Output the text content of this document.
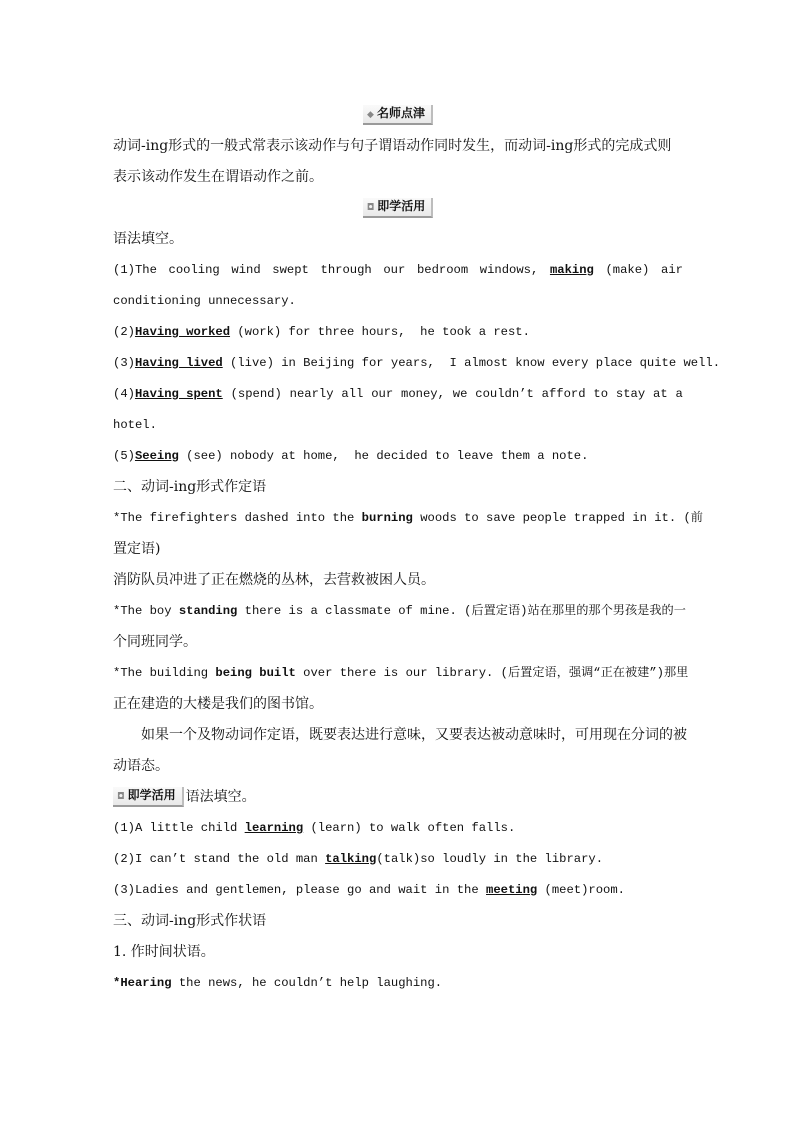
◆ 名师点津
动词-ing形式的一般式常表示该动作与句子谓语动作同时发生，而动词-ing形式的完成式则
表示该动作发生在谓语动作之前。
◘ 即学活用
语法填空。
(1)The cooling wind swept through our bedroom windows, making (make) air
conditioning unnecessary.
(2)Having worked (work) for three hours,  he took a rest.
(3)Having lived (live) in Beijing for years,  I almost know every place quite well.
(4)Having spent (spend) nearly all our money, we couldn’t afford to stay at a
hotel.
(5)Seeing (see) nobody at home,  he decided to leave them a note.
二、动词-ing形式作定语
*The firefighters dashed into the burning woods to save people trapped in it. (前
置定语)
消防队员冲进了正在燃烧的丛林，去营救被困人员。
*The boy standing there is a classmate of mine. (后置定语)站在那里的那个男孩是我的一
个同班同学。
*The building being built over there is our library. (后置定语，强调“正在被建”)那里
正在建造的大楼是我们的图书馆。
如果一个及物动词作定语，既要表达进行意味，又要表达被动意味时，可用现在分词的被
动语态。
◘ 即学活用 语法填空。
(1)A little child learning (learn) to walk often falls.
(2)I can’t stand the old man talking(talk)so loudly in the library.
(3)Ladies and gentlemen, please go and wait in the meeting (meet)room.
三、动词-ing形式作状语
1. 作时间状语。
*Hearing the news, he couldn’t help laughing.
